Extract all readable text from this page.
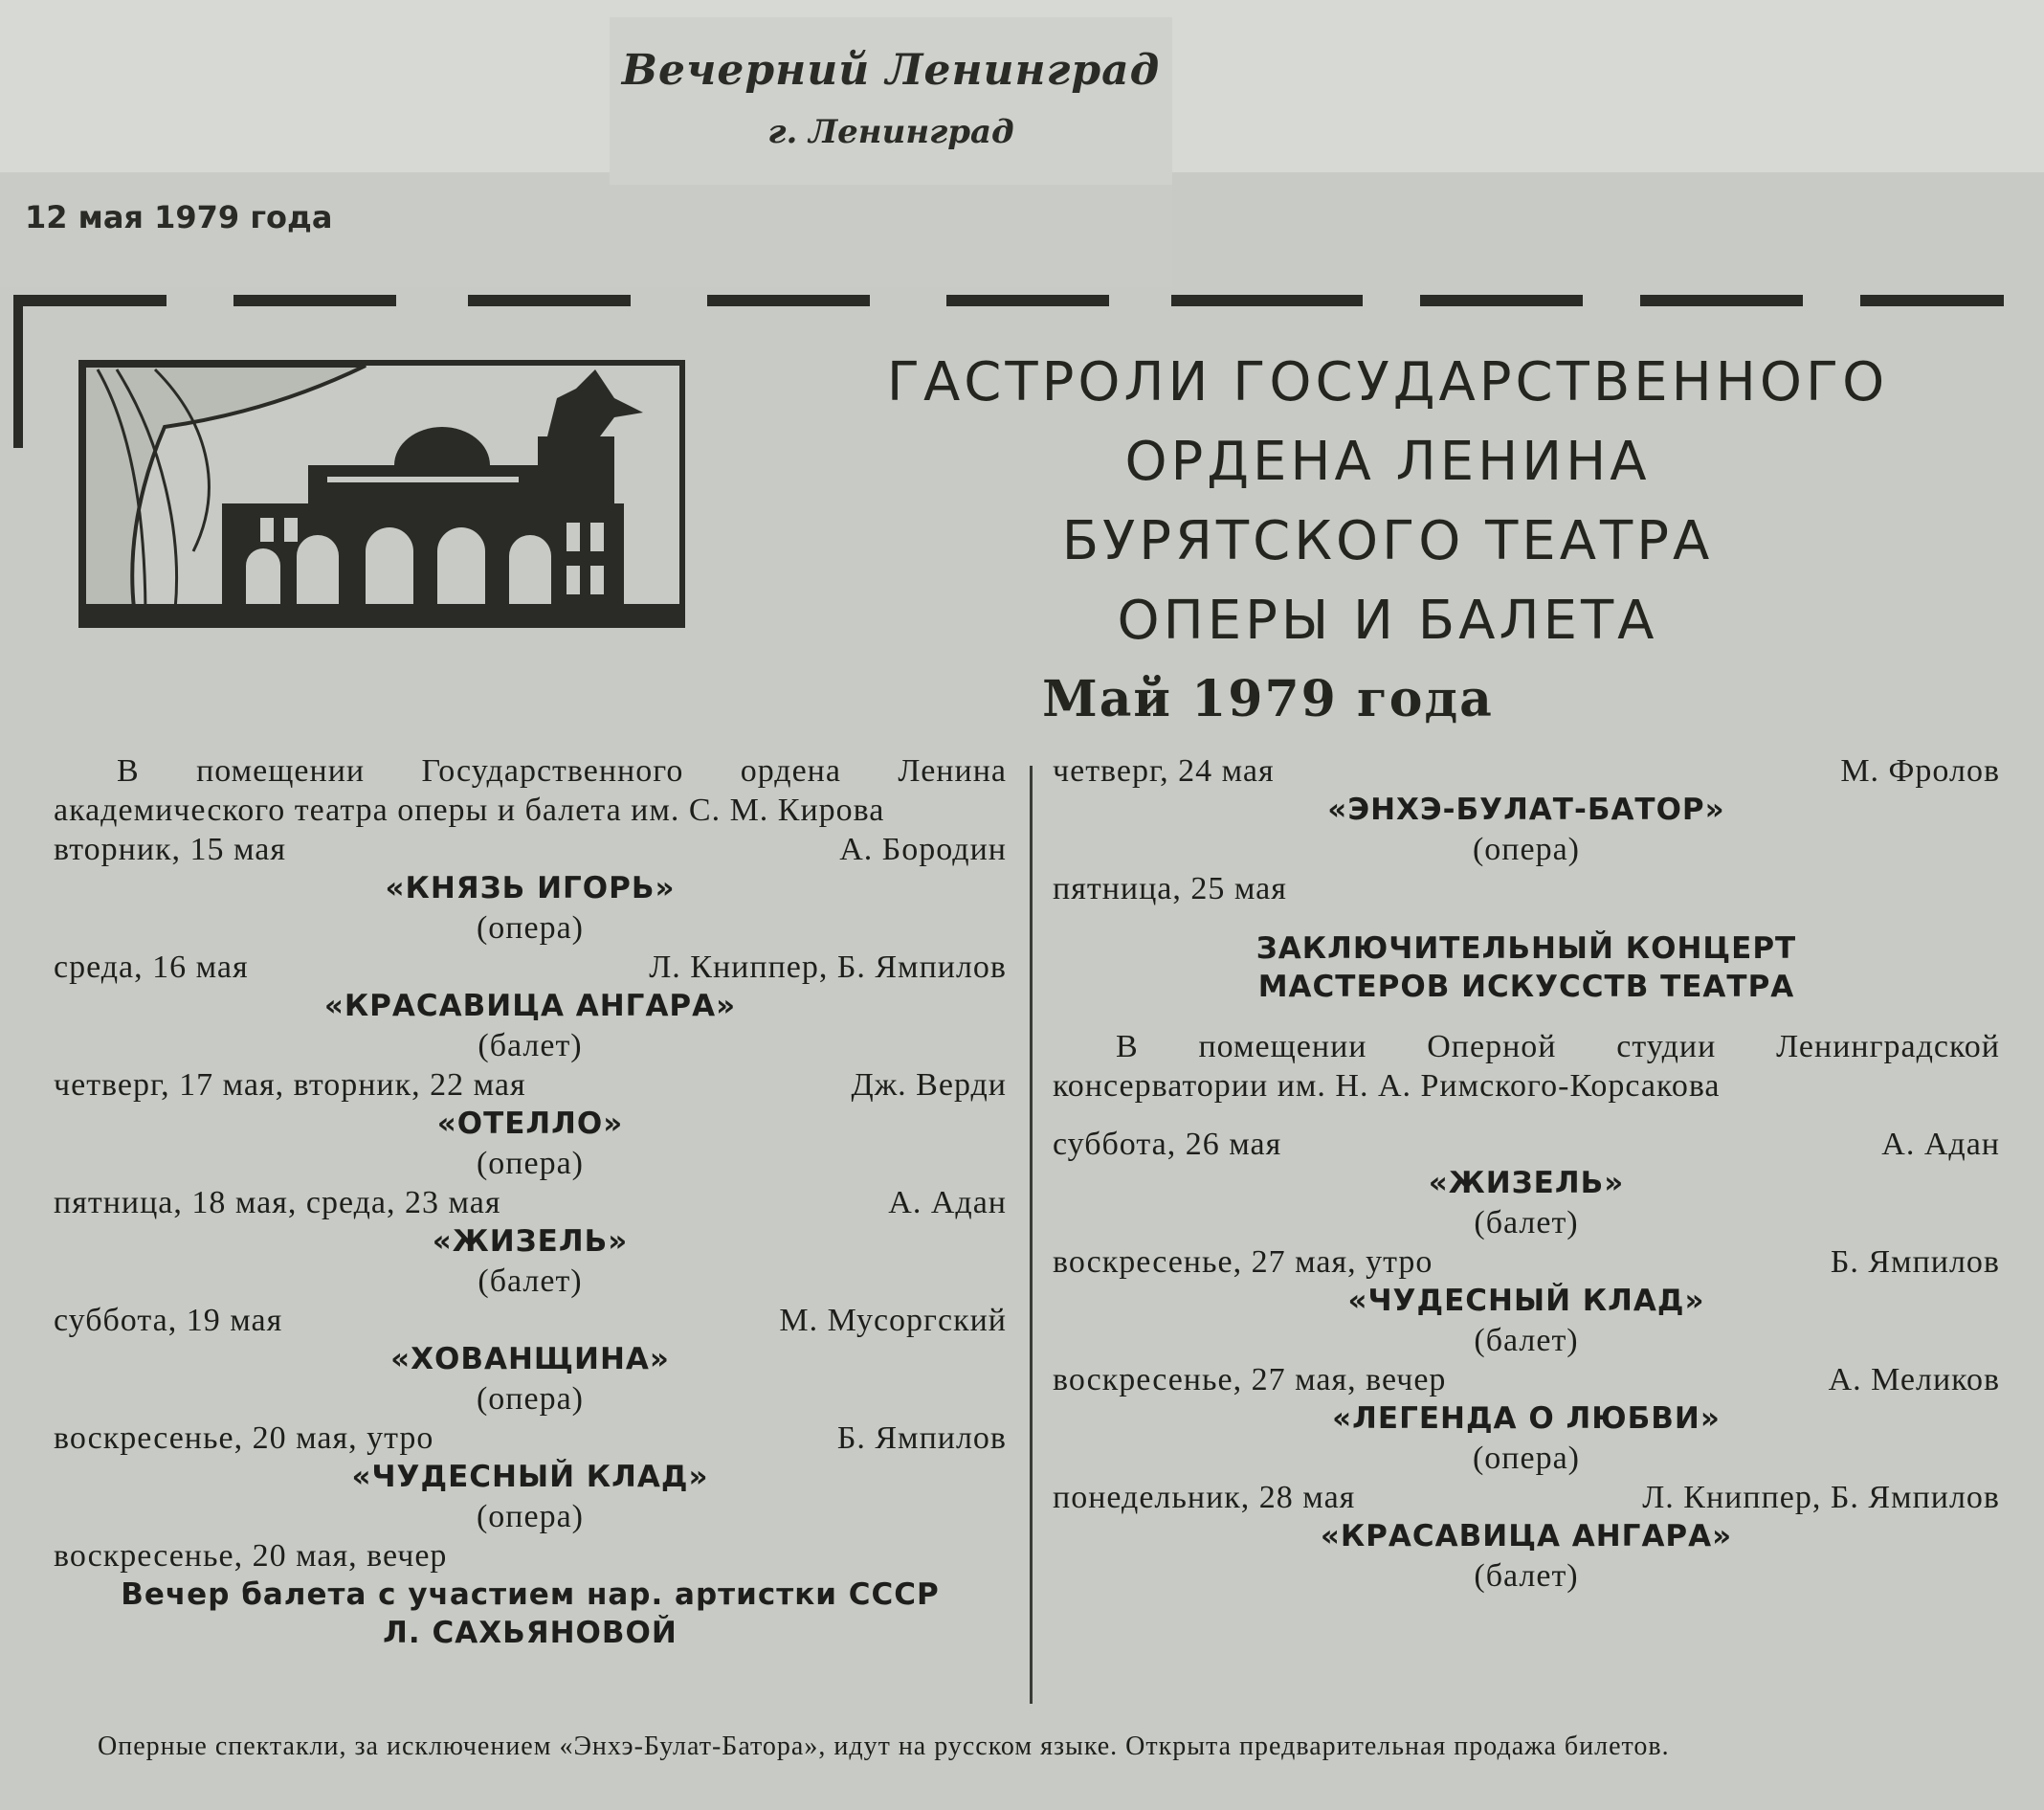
Вечерний Ленинград
г. Ленинград
12 мая 1979 года
ГАСТРОЛИ ГОСУДАРСТВЕННОГО
ОРДЕНА ЛЕНИНА
БУРЯТСКОГО ТЕАТРА
ОПЕРЫ И БАЛЕТА
Май 1979 года
В помещении Государственного ордена Ленина академического театра оперы и балета им. С. М. Кирова
вторник, 15 мая	А. Бородин
«КНЯЗЬ ИГОРЬ»
(опера)
среда, 16 мая	Л. Книппер, Б. Ямпилов
«КРАСАВИЦА АНГАРА»
(балет)
четверг, 17 мая, вторник, 22 мая	Дж. Верди
«ОТЕЛЛО»
(опера)
пятница, 18 мая, среда, 23 мая	А. Адан
«ЖИЗЕЛЬ»
(балет)
суббота, 19 мая	М. Мусоргский
«ХОВАНЩИНА»
(опера)
воскресенье, 20 мая, утро	Б. Ямпилов
«ЧУДЕСНЫЙ КЛАД»
(опера)
воскресенье, 20 мая, вечер
Вечер балета с участием нар. артистки СССР
Л. САХЬЯНОВОЙ
четверг, 24 мая	М. Фролов
«ЭНХЭ-БУЛАТ-БАТОР»
(опера)
пятница, 25 мая
ЗАКЛЮЧИТЕЛЬНЫЙ КОНЦЕРТ
МАСТЕРОВ ИСКУССТВ ТЕАТРА
В помещении Оперной студии Ленинградской консерватории им. Н. А. Римского-Корсакова
суббота, 26 мая	А. Адан
«ЖИЗЕЛЬ»
(балет)
воскресенье, 27 мая, утро	Б. Ямпилов
«ЧУДЕСНЫЙ КЛАД»
(балет)
воскресенье, 27 мая, вечер	А. Меликов
«ЛЕГЕНДА О ЛЮБВИ»
(опера)
понедельник, 28 мая	Л. Книппер, Б. Ямпилов
«КРАСАВИЦА АНГАРА»
(балет)
Оперные спектакли, за исключением «Энхэ-Булат-Батора», идут на русском языке. Открыта предварительная продажа билетов.
